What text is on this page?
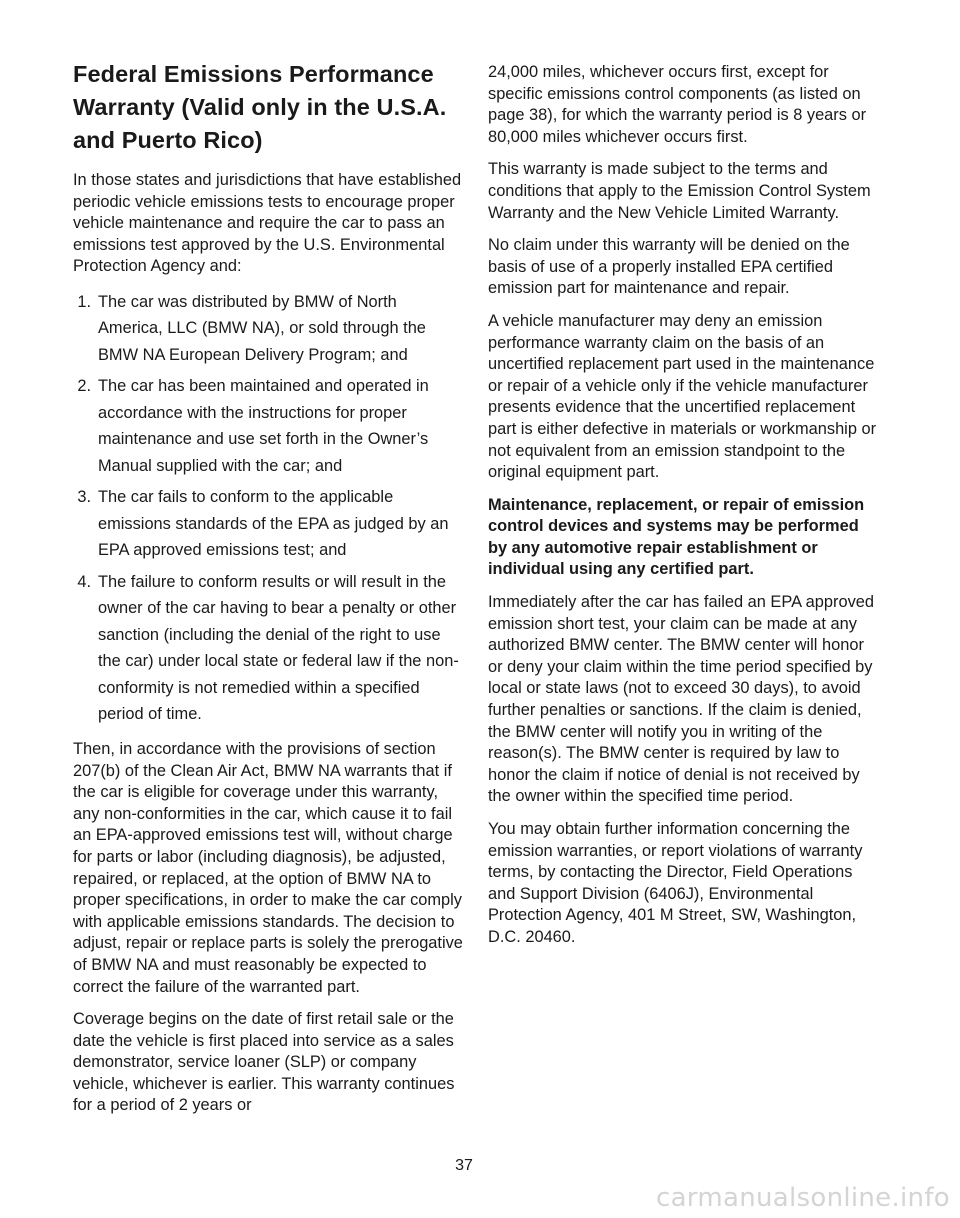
Federal Emissions Performance
Warranty (Valid only in the U.S.A.
and Puerto Rico)

In those states and jurisdictions that have established periodic vehicle emissions tests to encourage proper vehicle maintenance and require the car to pass an emissions test approved by the U.S. Environmental Protection Agency and:

1 . The car was distributed by BMW of North America, LLC (BMW NA), or sold through the BMW NA European Delivery Program; and
2 . The car has been maintained and operated in accordance with the instructions for proper maintenance and use set forth in the Owner’s Manual supplied with the car; and
3 . The car fails to conform to the applicable emissions standards of the EPA as judged by an EPA approved emissions test; and
4 . The failure to conform results or will result in the owner of the car having to bear a penalty or other sanction (including the denial of the right to use the car) under local state or federal law if the non-conformity is not remedied within a specified period of time.

Then, in accordance with the provisions of section 207(b) of the Clean Air Act, BMW NA warrants that if the car is eligible for coverage under this warranty, any non-conformities in the car, which cause it to fail an EPA-approved emissions test will, without charge for parts or labor (including diagnosis), be adjusted, repaired, or replaced, at the option of BMW NA to proper specifications, in order to make the car comply with applicable emissions standards. The decision to adjust, repair or replace parts is solely the prerogative of BMW NA and must reasonably be expected to correct the failure of the warranted part.

Coverage begins on the date of first retail sale or the date the vehicle is first placed into service as a sales demonstrator, service loaner (SLP) or company vehicle, whichever is earlier. This warranty continues for a period of 2 years or

24,000 miles, whichever occurs first, except for specific emissions control components (as listed on page 38), for which the warranty period is 8 years or 80,000 miles whichever occurs first.

This warranty is made subject to the terms and conditions that apply to the Emission Control System Warranty and the New Vehicle Limited Warranty.

No claim under this warranty will be denied on the basis of use of a properly installed EPA certified emission part for maintenance and repair.

A vehicle manufacturer may deny an emission performance warranty claim on the basis of an uncertified replacement part used in the maintenance or repair of a vehicle only if the vehicle manufacturer presents evidence that the uncertified replacement part is either defective in materials or workmanship or not equivalent from an emission standpoint to the original equipment part.

Maintenance, replacement, or repair of emission control devices and systems may be performed by any automotive repair establishment or individual using any certified part.

Immediately after the car has failed an EPA approved emission short test, your claim can be made at any authorized BMW center. The BMW center will honor or deny your claim within the time period specified by local or state laws (not to exceed 30 days), to avoid further penalties or sanctions. If the claim is denied, the BMW center will notify you in writing of the reason(s). The BMW center is required by law to honor the claim if notice of denial is not received by the owner within the specified time period.

You may obtain further information concerning the emission warranties, or report violations of warranty terms, by contacting the Director, Field Operations and Support Division (6406J), Environmental Protection Agency, 401 M Street, SW, Washington, D.C. 20460.

37
carmanualsonline.info
